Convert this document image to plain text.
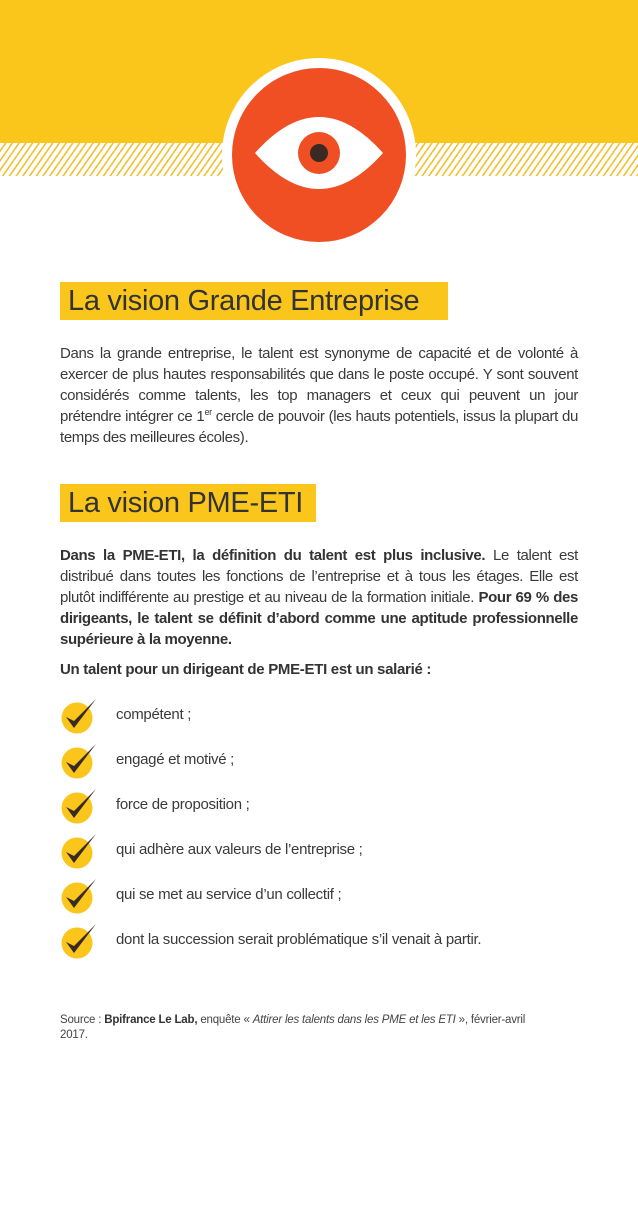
La vision Grande Entreprise

Dans la grande entreprise, le talent est synonyme de capacité et de volonté à exercer de plus hautes responsabilités que dans le poste occupé. Y sont souvent considérés comme talents, les top managers et ceux qui peuvent un jour prétendre intégrer ce 1er cercle de pouvoir (les hauts potentiels, issus la plupart du temps des meilleures écoles).

La vision PME-ETI

Dans la PME-ETI, la définition du talent est plus inclusive. Le talent est distribué dans toutes les fonctions de l’entreprise et à tous les étages. Elle est plutôt indifférente au prestige et au niveau de la formation initiale. Pour 69 % des dirigeants, le talent se définit d’abord comme une aptitude professionnelle supérieure à la moyenne.

Un talent pour un dirigeant de PME-ETI est un salarié :
compétent ;
engagé et motivé ;
force de proposition ;
qui adhère aux valeurs de l’entreprise ;
qui se met au service d’un collectif ;
dont la succession serait problématique s’il venait à partir.
Source : Bpifrance Le Lab, enquête « Attirer les talents dans les PME et les ETI », février-avril 2017.
